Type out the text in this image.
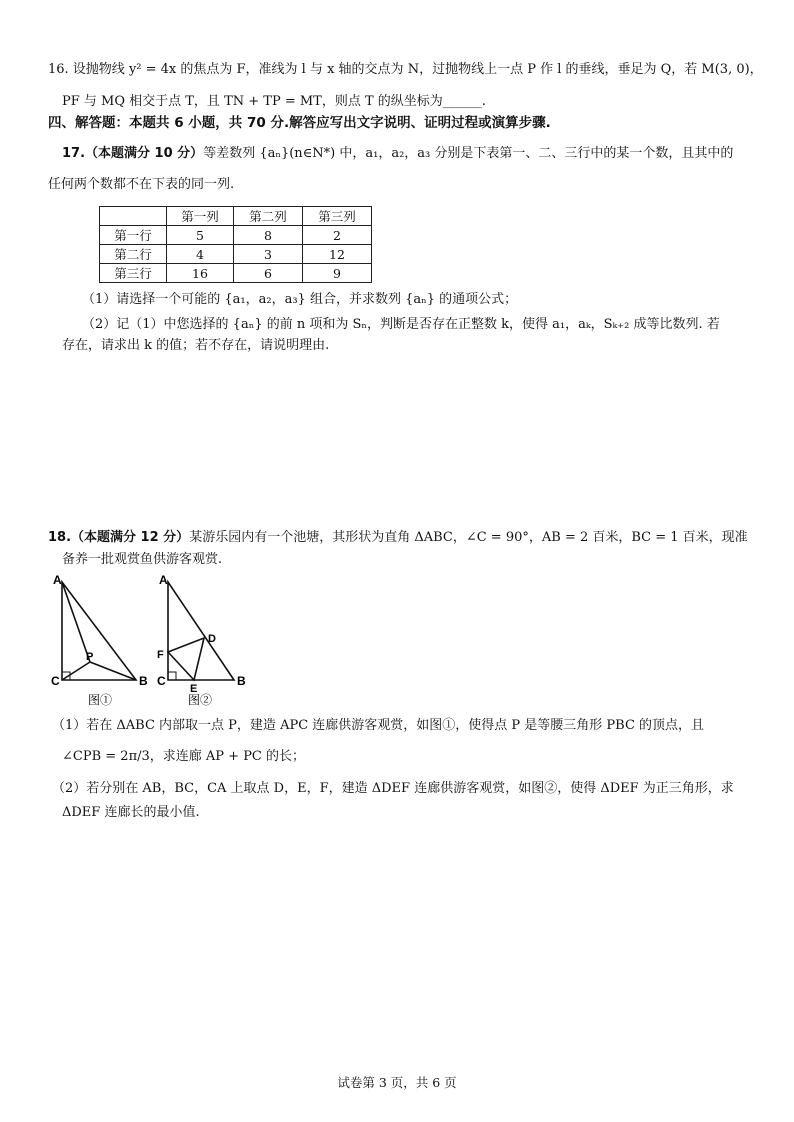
16. 设抛物线 y² = 4x 的焦点为 F，准线为 l 与 x 轴的交点为 N，过抛物线上一点 P 作 l 的垂线，垂足为 Q，若 M(3, 0)，
PF 与 MQ 相交于点 T，且 TN + TP = MT，则点 T 的纵坐标为______.
四、解答题：本题共 6 小题，共 70 分.解答应写出文字说明、证明过程或演算步骤.
17.（本题满分 10 分）等差数列 {aₙ}(n∈N*) 中，a₁，a₂，a₃ 分别是下表第一、二、三行中的某一个数，且其中的
任何两个数都不在下表的同一列.
	第一列	第二列	第三列
第一行	5	8	2
第二行	4	3	12
第三行	16	6	9
（1）请选择一个可能的 {a₁，a₂，a₃} 组合，并求数列 {aₙ} 的通项公式；
（2）记（1）中您选择的 {aₙ} 的前 n 项和为 Sₙ，判断是否存在正整数 k，使得 a₁，aₖ，Sₖ₊₂ 成等比数列. 若
存在，请求出 k 的值；若不存在，请说明理由.
18.（本题满分 12 分）某游乐园内有一个池塘，其形状为直角 ΔABC，∠C = 90°，AB = 2 百米，BC = 1 百米，现准
备养一批观赏鱼供游客观赏.
A
P
C	B
图①
A
D
F
C
E
B
图②
（1）若在 ΔABC 内部取一点 P，建造 APC 连廊供游客观赏，如图①，使得点 P 是等腰三角形 PBC 的顶点，且
∠CPB = 2π/3，求连廊 AP + PC 的长；
（2）若分别在 AB，BC，CA 上取点 D，E，F，建造 ΔDEF 连廊供游客观赏，如图②，使得 ΔDEF 为正三角形，求
ΔDEF 连廊长的最小值.
试卷第 3 页，共 6 页
